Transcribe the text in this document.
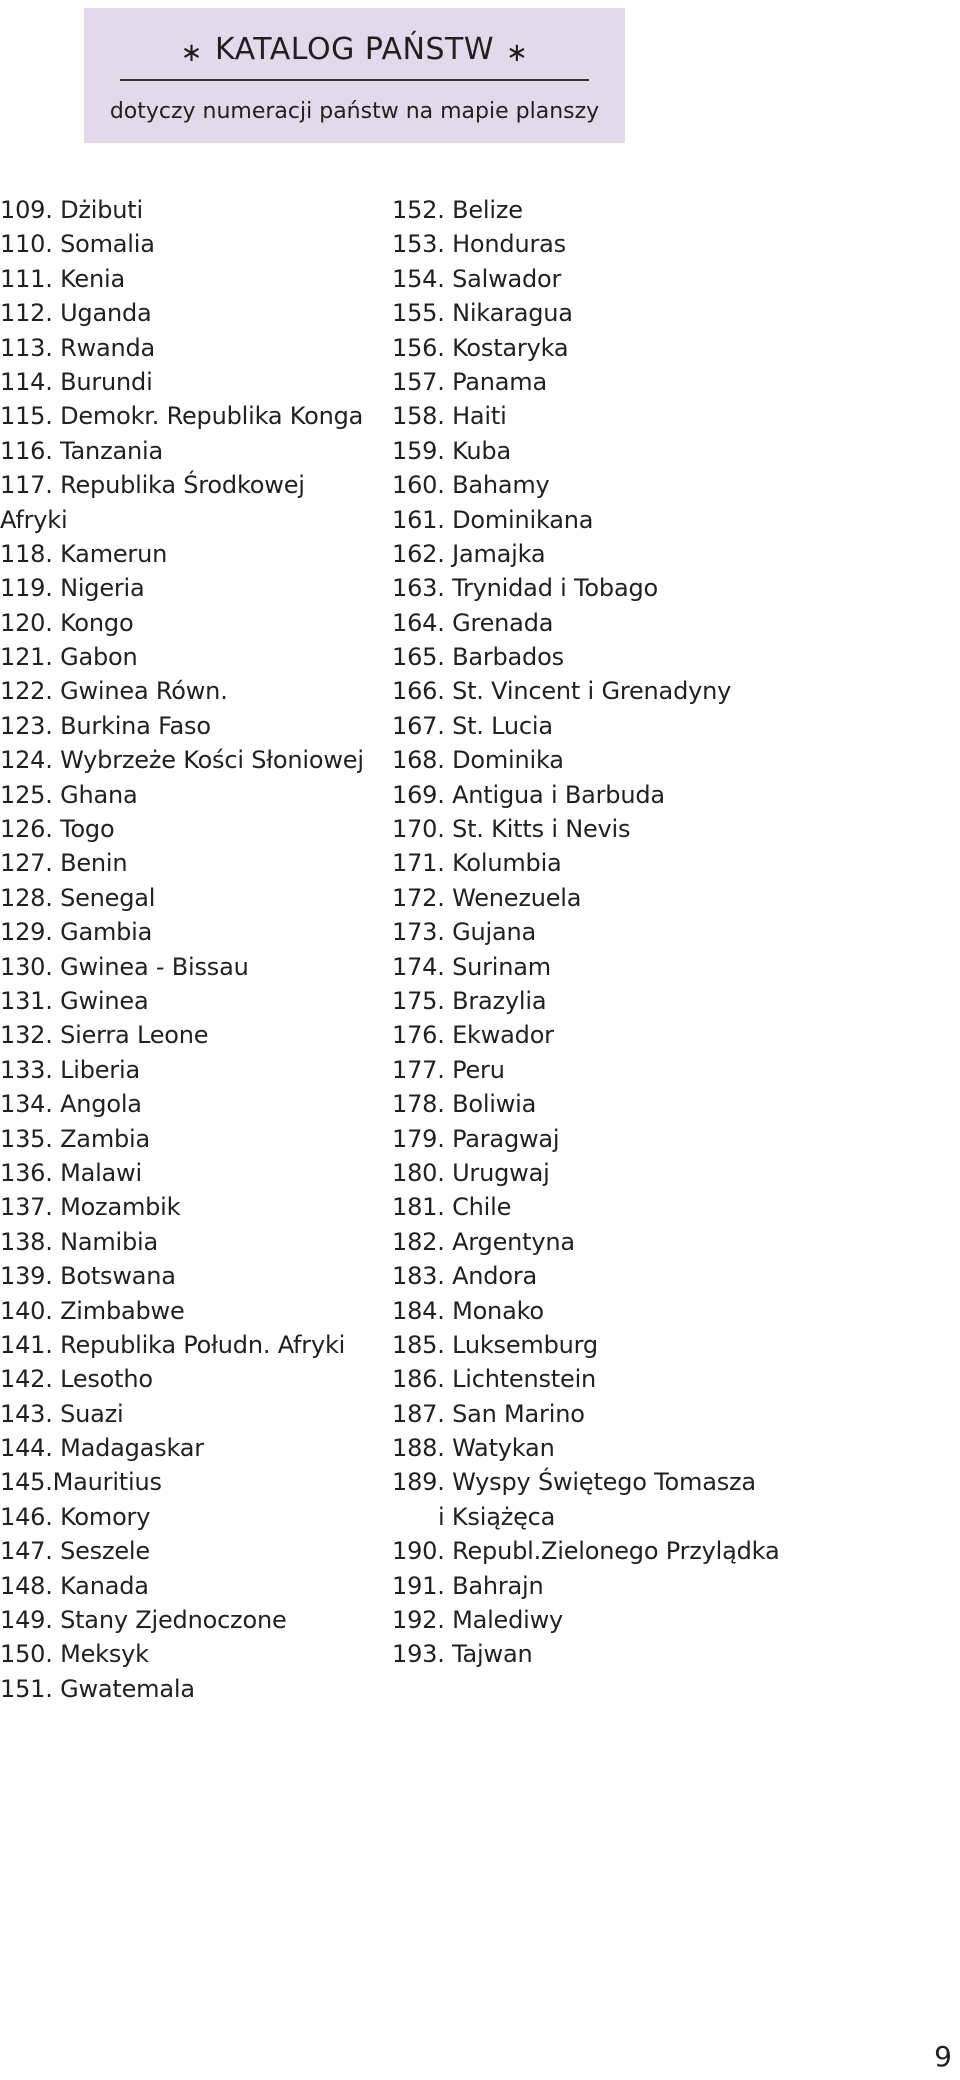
∗ KATALOG PAŃSTW ∗
dotyczy numeracji państw na mapie planszy
109. Dżibuti
110. Somalia
111. Kenia
112. Uganda
113. Rwanda
114. Burundi
115. Demokr. Republika Konga
116. Tanzania
117. Republika Środkowej
Afryki
118. Kamerun
119. Nigeria
120. Kongo
121. Gabon
122. Gwinea Równ.
123. Burkina Faso
124. Wybrzeże Kości Słoniowej
125. Ghana
126. Togo
127. Benin
128. Senegal
129. Gambia
130. Gwinea - Bissau
131. Gwinea
132. Sierra Leone
133. Liberia
134. Angola
135. Zambia
136. Malawi
137. Mozambik
138. Namibia
139. Botswana
140. Zimbabwe
141. Republika Połudn. Afryki
142. Lesotho
143. Suazi
144. Madagaskar
145.Mauritius
146. Komory
147. Seszele
148. Kanada
149. Stany Zjednoczone
150. Meksyk
151. Gwatemala
152. Belize
153. Honduras
154. Salwador
155. Nikaragua
156. Kostaryka
157. Panama
158. Haiti
159. Kuba
160. Bahamy
161. Dominikana
162. Jamajka
163. Trynidad i Tobago
164. Grenada
165. Barbados
166. St. Vincent i Grenadyny
167. St. Lucia
168. Dominika
169. Antigua i Barbuda
170. St. Kitts i Nevis
171. Kolumbia
172. Wenezuela
173. Gujana
174. Surinam
175. Brazylia
176. Ekwador
177. Peru
178. Boliwia
179. Paragwaj
180. Urugwaj
181. Chile
182. Argentyna
183. Andora
184. Monako
185. Luksemburg
186. Lichtenstein
187. San Marino
188. Watykan
189. Wyspy Świętego Tomasza
i Książęca
190. Republ.Zielonego Przylądka
191. Bahrajn
192. Malediwy
193. Tajwan
9
